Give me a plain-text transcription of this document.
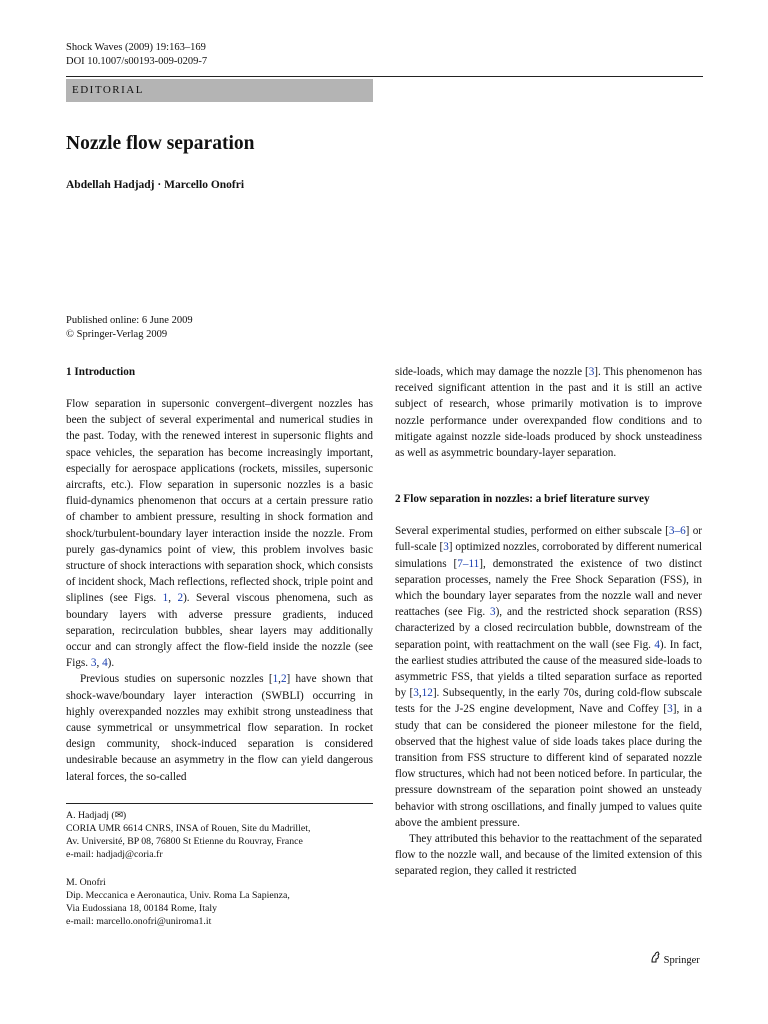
Shock Waves (2009) 19:163–169
DOI 10.1007/s00193-009-0209-7
EDITORIAL
Nozzle flow separation
Abdellah Hadjadj · Marcello Onofri
Published online: 6 June 2009
© Springer-Verlag 2009
1 Introduction

Flow separation in supersonic convergent–divergent nozzles has been the subject of several experimental and numerical studies in the past. Today, with the renewed interest in supersonic flights and space vehicles, the separation has become increasingly important, especially for aerospace applications (rockets, missiles, supersonic aircrafts, etc.). Flow separation in supersonic nozzles is a basic fluid-dynamics phenomenon that occurs at a certain pressure ratio of chamber to ambient pressure, resulting in shock formation and shock/turbulent-boundary layer interaction inside the nozzle. From purely gas-dynamics point of view, this problem involves basic structure of shock interactions with separation shock, which consists of incident shock, Mach reflections, reflected shock, triple point and sliplines (see Figs. 1, 2). Several viscous phenomena, such as boundary layers with adverse pressure gradients, induced separation, recirculation bubbles, shear layers may additionally occur and can strongly affect the flow-field inside the nozzle (see Figs. 3, 4).

Previous studies on supersonic nozzles [1,2] have shown that shock-wave/boundary layer interaction (SWBLI) occurring in highly overexpanded nozzles may exhibit strong unsteadiness that cause symmetrical or unsymmetrical flow separation. In rocket design community, shock-induced separation is considered undesirable because an asymmetry in the flow can yield dangerous lateral forces, the so-called

side-loads, which may damage the nozzle [3]. This phenomenon has received significant attention in the past and it is still an active subject of research, whose primarily motivation is to improve nozzle performance under overexpanded flow conditions and to mitigate against nozzle side-loads produced by shock unsteadiness as well as asymmetric boundary-layer separation.

2 Flow separation in nozzles: a brief literature survey

Several experimental studies, performed on either subscale [3–6] or full-scale [3] optimized nozzles, corroborated by different numerical simulations [7–11], demonstrated the existence of two distinct separation processes, namely the Free Shock Separation (FSS), in which the boundary layer separates from the nozzle wall and never reattaches (see Fig. 3), and the restricted shock separation (RSS) characterized by a closed recirculation bubble, downstream of the separation point, with reattachment on the wall (see Fig. 4). In fact, the earliest studies attributed the cause of the measured side-loads to asymmetric FSS, that yields a tilted separation surface as reported by [3,12]. Subsequently, in the early 70s, during cold-flow subscale tests for the J-2S engine development, Nave and Coffey [3], in a study that can be considered the pioneer milestone for the field, observed that the highest value of side loads takes place during the transition from FSS structure to different kind of separated nozzle flow structures, which had not been noticed before. In particular, the pressure downstream of the separation point showed an unsteady behavior with strong oscillations, and finally jumped to values quite above the ambient pressure.

They attributed this behavior to the reattachment of the separated flow to the nozzle wall, and because of the limited extension of this separated region, they called it restricted

A. Hadjadj (✉)
CORIA UMR 6614 CNRS, INSA of Rouen, Site du Madrillet,
Av. Université, BP 08, 76800 St Etienne du Rouvray, France
e-mail: hadjadj@coria.fr
M. Onofri
Dip. Meccanica e Aeronautica, Univ. Roma La Sapienza,
Via Eudossiana 18, 00184 Rome, Italy
e-mail: marcello.onofri@uniroma1.it
Springer
